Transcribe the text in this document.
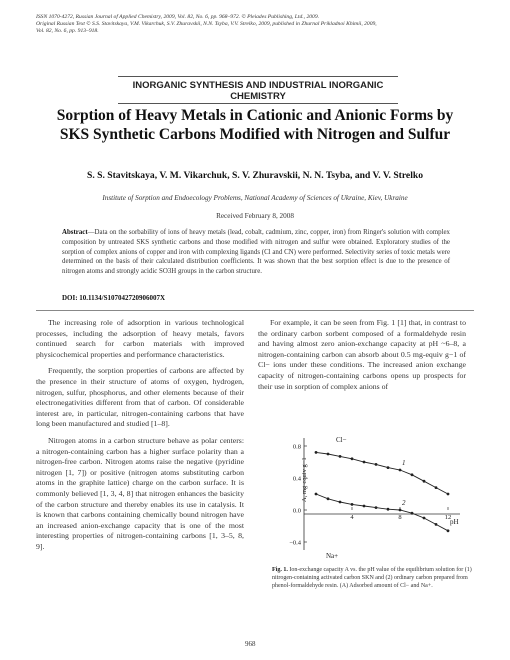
ISSN 1070-4272, Russian Journal of Applied Chemistry, 2009, Vol. 82, No. 6, pp. 968–972. © Pleiades Publishing, Ltd., 2009.
Original Russian Text © S.S. Stavitskaya, V.M. Vikarchuk, S.V. Zhuravskii, N.N. Tsyba, V.V. Strelko, 2009, published in Zhurnal Prikladnoi Khimii, 2009,
Vol. 82, No. 6, pp. 913–918.
INORGANIC SYNTHESIS AND INDUSTRIAL INORGANIC CHEMISTRY
Sorption of Heavy Metals in Cationic and Anionic Forms by SKS Synthetic Carbons Modified with Nitrogen and Sulfur
S. S. Stavitskaya, V. M. Vikarchuk, S. V. Zhuravskii, N. N. Tsyba, and V. V. Strelko
Institute of Sorption and Endoecology Problems, National Academy of Sciences of Ukraine, Kiev, Ukraine
Received February 8, 2008
Abstract—Data on the sorbability of ions of heavy metals (lead, cobalt, cadmium, zinc, copper, iron) from Ringer's solution with complex composition by untreated SKS synthetic carbons and those modified with nitrogen and sulfur were obtained. Exploratory studies of the sorption of complex anions of copper and iron with complexing ligands (Cl and CN) were performed. Selectivity series of toxic metals were determined on the basis of their calculated distribution coefficients. It was shown that the best sorption effect is due to the presence of nitrogen atoms and strongly acidic SO3H groups in the carbon structure.
DOI: 10.1134/S107042720906007X

The increasing role of adsorption in various technological processes, including the adsorption of heavy metals, favors continued search for carbon materials with improved physicochemical properties and performance characteristics.

Frequently, the sorption properties of carbons are affected by the presence in their structure of atoms of oxygen, hydrogen, nitrogen, sulfur, phosphorus, and other elements because of their electronegativities different from that of carbon. Of considerable interest are, in particular, nitrogen-containing carbons that have long been manufactured and studied [1–8].

Nitrogen atoms in a carbon structure behave as polar centers: a nitrogen-containing carbon has a higher surface polarity than a nitrogen-free carbon. Nitrogen atoms raise the negative (pyridine nitrogen [1, 7]) or positive (nitrogen atoms substituting carbon atoms in the graphite lattice) charge on the carbon surface. It is commonly believed [1, 3, 4, 8] that nitrogen enhances the basicity of the carbon structure and thereby enables its use in catalysis. It is known that carbons containing chemically bound nitrogen have an increased anion-exchange capacity that is one of the most interesting properties of nitrogen-containing carbons [1, 3–5, 8, 9].

For example, it can be seen from Fig. 1 [1] that, in contrast to the ordinary carbon sorbent composed of a formaldehyde resin and having almost zero anion-exchange capacity at pH ~6–8, a nitrogen-containing carbon can absorb about 0.5 mg-equiv g−1 of Cl− ions under these conditions. The increased anion exchange capacity of nitrogen-containing carbons opens up prospects for their use in sorption of complex anions of

Cl−
Na+
A, mg-equiv g−1
pH
0.8
0.4
0.0
−0.4
4	8	12
1
2
Fig. 1. Ion-exchange capacity A vs. the pH value of the equilibrium solution for (1) nitrogen-containing activated carbon SKN and (2) ordinary carbon prepared from phenol-formaldehyde resin. (A) Adsorbed amount of Cl− and Na+.
968
